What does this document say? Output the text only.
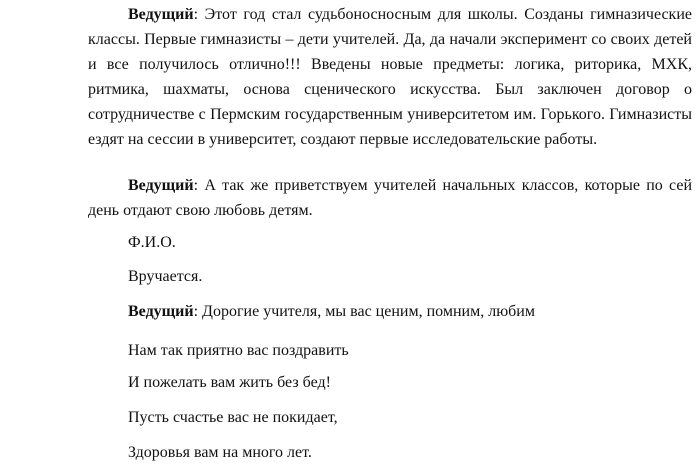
Ведущий: Этот год стал судьбоносносным для школы. Созданы гимназические классы. Первые гимназисты – дети учителей. Да, да начали эксперимент со своих детей и все получилось отлично!!! Введены новые предметы: логика, риторика, МХК, ритмика, шахматы, основа сценического искусства. Был заключен договор о сотрудничестве с Пермским государственным университетом им. Горького. Гимназисты ездят на сессии в университет, создают первые исследовательские работы.

Ведущий: А так же приветствуем учителей начальных классов, которые по сей день отдают свою любовь детям.

Ф.И.О.

Вручается.

Ведущий: Дорогие учителя, мы вас ценим, помним, любим

Нам так приятно вас поздравить

И пожелать вам жить без бед!

Пусть счастье вас не покидает,

Здоровья вам на много лет.
